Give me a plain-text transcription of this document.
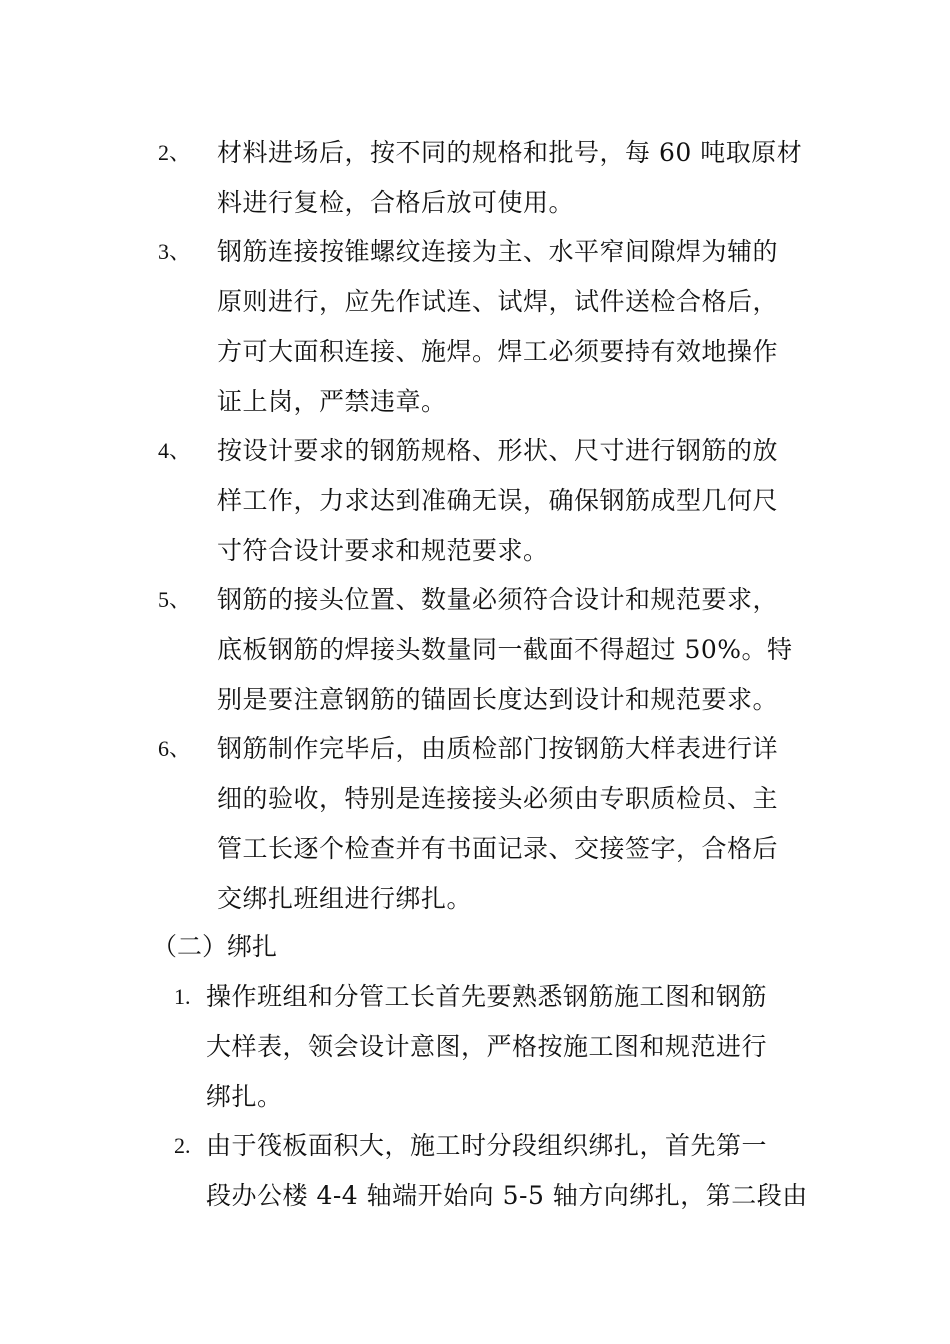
2、 材料进场后，按不同的规格和批号，每 60 吨取原材
料进行复检，合格后放可使用。
3、 钢筋连接按锥螺纹连接为主、水平窄间隙焊为辅的
原则进行，应先作试连、试焊，试件送检合格后，
方可大面积连接、施焊。焊工必须要持有效地操作
证上岗，严禁违章。
4、 按设计要求的钢筋规格、形状、尺寸进行钢筋的放
样工作，力求达到准确无误，确保钢筋成型几何尺
寸符合设计要求和规范要求。
5、 钢筋的接头位置、数量必须符合设计和规范要求，
底板钢筋的焊接头数量同一截面不得超过 50%。特
别是要注意钢筋的锚固长度达到设计和规范要求。
6、 钢筋制作完毕后，由质检部门按钢筋大样表进行详
细的验收，特别是连接接头必须由专职质检员、主
管工长逐个检查并有书面记录、交接签字，合格后
交绑扎班组进行绑扎。
（二）绑扎
1. 操作班组和分管工长首先要熟悉钢筋施工图和钢筋
大样表，领会设计意图，严格按施工图和规范进行
绑扎。
2. 由于筏板面积大，施工时分段组织绑扎，首先第一
段办公楼 4-4 轴端开始向 5-5 轴方向绑扎，第二段由
